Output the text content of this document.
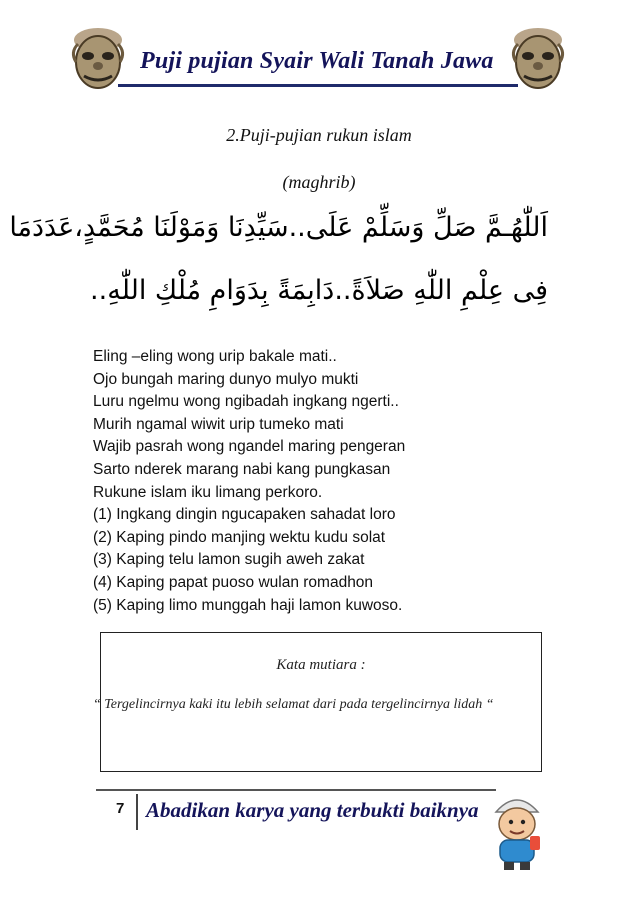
Puji pujian Syair Wali Tanah Jawa
2.Puji-pujian rukun islam
(maghrib)
اَللّٰهُـمَّ صَلِّ وَسَلِّمْ عَلَى..سَيِّدِنَا وَمَوْلَنَا مُحَمَّدٍ،عَدَدَمَا
فِى عِلْمِ اللّٰهِ صَلاَةً..دَابِمَةً بِدَوَامِ مُلْكِ اللّٰهِ..
Eling –eling wong urip bakale mati..
Ojo bungah maring dunyo mulyo mukti
Luru ngelmu wong ngibadah ingkang ngerti..
Murih ngamal wiwit urip tumeko mati
Wajib pasrah wong ngandel maring pengeran
Sarto nderek marang nabi kang pungkasan
Rukune islam iku limang perkoro.
(1) Ingkang dingin ngucapaken sahadat loro
(2) Kaping pindo manjing wektu kudu solat
(3) Kaping telu lamon sugih aweh zakat
(4) Kaping papat puoso wulan romadhon
(5) Kaping limo munggah haji lamon kuwoso.
Kata mutiara :
“ Tergelincirnya kaki itu lebih selamat dari pada tergelincirnya lidah “
7 Abadikan karya yang terbukti baiknya
